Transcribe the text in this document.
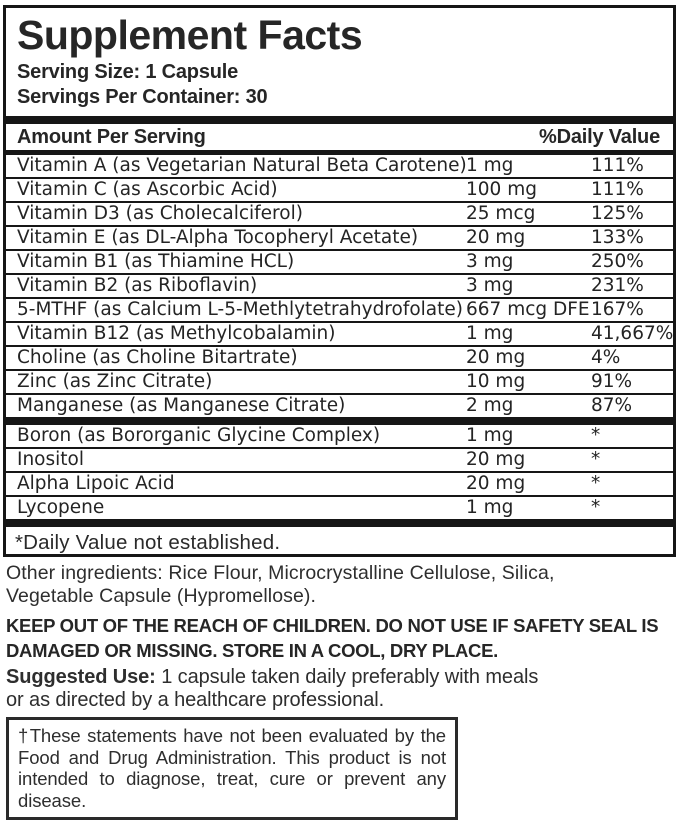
Supplement Facts
Serving Size: 1 Capsule
Servings Per Container: 30
Amount Per Serving	%Daily Value
Vitamin A (as Vegetarian Natural Beta Carotene) 1 mg	111%
Vitamin C (as Ascorbic Acid)	100 mg	111%
Vitamin D3 (as Cholecalciferol)	25 mcg	125%
Vitamin E (as DL-Alpha Tocopheryl Acetate)	20 mg	133%
Vitamin B1 (as Thiamine HCL)	3 mg	250%
Vitamin B2 (as Riboflavin)	3 mg	231%
5-MTHF (as Calcium L-5-Methlytetrahydrofolate) 667 mcg DFE 167%
Vitamin B12 (as Methylcobalamin)	1 mg	41,667%
Choline (as Choline Bitartrate)	20 mg	4%
Zinc (as Zinc Citrate)	10 mg	91%
Manganese (as Manganese Citrate)	2 mg	87%
Boron (as Bororganic Glycine Complex)	1 mg	*
Inositol	20 mg	*
Alpha Lipoic Acid	20 mg	*
Lycopene	1 mg	*
*Daily Value not established.

Other ingredients: Rice Flour, Microcrystalline Cellulose, Silica, Vegetable Capsule (Hypromellose).

KEEP OUT OF THE REACH OF CHILDREN. DO NOT USE IF SAFETY SEAL IS DAMAGED OR MISSING. STORE IN A COOL, DRY PLACE.

Suggested Use: 1 capsule taken daily preferably with meals or as directed by a healthcare professional.

†These statements have not been evaluated by the Food and Drug Administration. This product is not intended to diagnose, treat, cure or prevent any disease.
